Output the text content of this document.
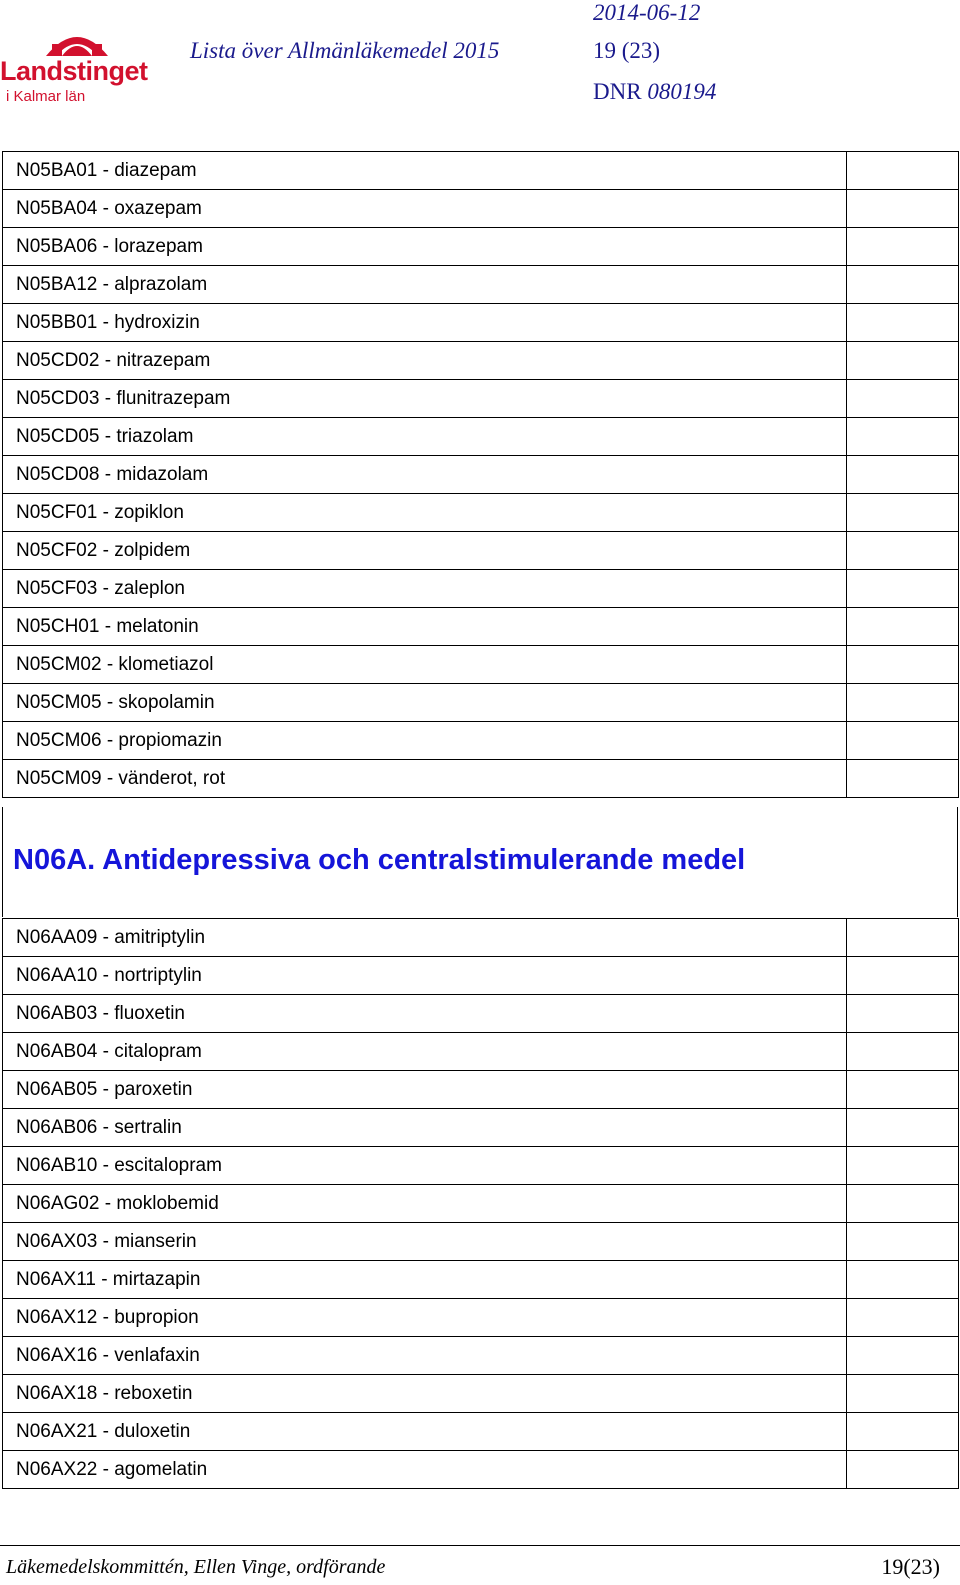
Landstinget
i Kalmar län
Lista över Allmänläkemedel 2015
2014-06-12
19 (23)
DNR 080194
N05BA01 - diazepam	
N05BA04 - oxazepam	
N05BA06 - lorazepam	
N05BA12 - alprazolam	
N05BB01 - hydroxizin	
N05CD02 - nitrazepam	
N05CD03 - flunitrazepam	
N05CD05 - triazolam	
N05CD08 - midazolam	
N05CF01 - zopiklon	
N05CF02 - zolpidem	
N05CF03 - zaleplon	
N05CH01 - melatonin	
N05CM02 - klometiazol	
N05CM05 - skopolamin	
N05CM06 - propiomazin	
N05CM09 - vänderot, rot	
N06A. Antidepressiva och centralstimulerande medel
N06AA09 - amitriptylin	
N06AA10 - nortriptylin	
N06AB03 - fluoxetin	
N06AB04 - citalopram	
N06AB05 - paroxetin	
N06AB06 - sertralin	
N06AB10 - escitalopram	
N06AG02 - moklobemid	
N06AX03 - mianserin	
N06AX11 - mirtazapin	
N06AX12 - bupropion	
N06AX16 - venlafaxin	
N06AX18 - reboxetin	
N06AX21 - duloxetin	
N06AX22 - agomelatin	
Läkemedelskommittén, Ellen Vinge, ordförande	19(23)
